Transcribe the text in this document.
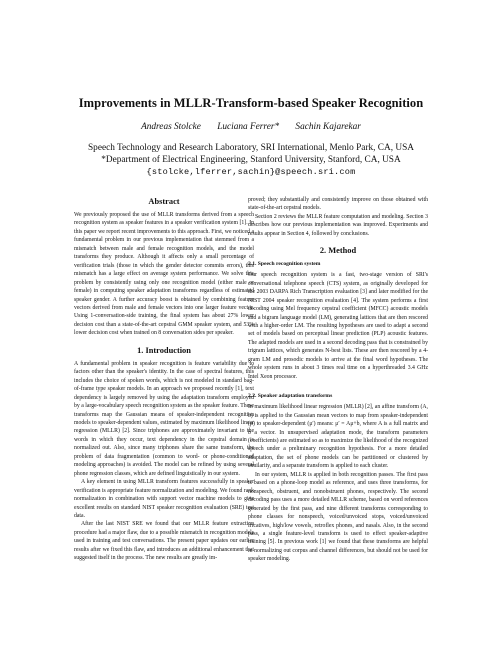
Improvements in MLLR-Transform-based Speaker Recognition
Andreas Stolcke Luciana Ferrer* Sachin Kajarekar
Speech Technology and Research Laboratory, SRI International, Menlo Park, CA, USA
*Department of Electrical Engineering, Stanford University, Stanford, CA, USA
{stolcke,lferrer,sachin}@speech.sri.com
Abstract

We previously proposed the use of MLLR transforms derived from a speech recognition system as speaker features in a speaker verification system [1]. In this paper we report recent improvements to this approach. First, we noticed a fundamental problem in our previous implementation that stemmed from a mismatch between male and female recognition models, and the model transforms they produce. Although it affects only a small percentage of verification trials (those in which the gender detector commits errors), this mismatch has a large effect on average system performance. We solve this problem by consistently using only one recognition model (either male or female) in computing speaker adaptation transforms regardless of estimated speaker gender. A further accuracy boost is obtained by combining feature vectors derived from male and female vectors into one larger feature vector. Using 1-conversation-side training, the final system has about 27% lower decision cost than a state-of-the-art cepstral GMM speaker system, and 53% lower decision cost when trained on 8 conversation sides per speaker.

1. Introduction

A fundamental problem in speaker recognition is feature variability due to factors other than the speaker's identity. In the case of spectral features, this includes the choice of spoken words, which is not modeled in standard bag-of-frame type speaker models. In an approach we proposed recently [1], text dependency is largely removed by using the adaptation transform employed by a large-vocabulary speech recognition system as the speaker feature. These transforms map the Gaussian means of speaker-independent recognition models to speaker-dependent values, estimated by maximum likelihood linear regression (MLLR) [2]. Since triphones are approximately invariant to the words in which they occur, text dependency in the cepstral domain is normalized out. Also, since many triphones share the same transform, the problem of data fragmentation (common to word- or phone-conditioned modeling approaches) is avoided. The model can be refined by using several phone regression classes, which are defined linguistically in our system.

A key element in using MLLR transform features successfully in speaker verification is appropriate feature normalization and modeling. We found rank normalization in combination with support vector machine models to give excellent results on standard NIST speaker recognition evaluation (SRE) test data.

After the last NIST SRE we found that our MLLR feature extraction procedure had a major flaw, due to a possible mismatch in recognition models used in training and test conversations. The present paper updates our earlier results after we fixed this flaw, and introduces an additional enhancement that suggested itself in the process. The new results are greatly im-

proved; they substantially and consistently improve on those obtained with state-of-the-art cepstral models.

Section 2 reviews the MLLR feature computation and modeling. Section 3 describes how our previous implementation was improved. Experiments and results appear in Section 4, followed by conclusions.

2. Method
2.1. Speech recognition system

Our speech recognition system is a fast, two-stage version of SRI's conversational telephone speech (CTS) system, as originally developed for the 2003 DARPA Rich Transcription evaluation [3] and later modified for the NIST 2004 speaker recognition evaluation [4]. The system performs a first decoding using Mel frequency cepstral coefficient (MFCC) acoustic models and a bigram language model (LM), generating lattices that are then rescored with a higher-order LM. The resulting hypotheses are used to adapt a second set of models based on perceptual linear prediction (PLP) acoustic features. The adapted models are used in a second decoding pass that is constrained by trigram lattices, which generates N-best lists. These are then rescored by a 4-gram LM and prosodic models to arrive at the final word hypotheses. The whole system runs in about 3 times real time on a hyperthreaded 3.4 GHz Intel Xeon processor.

2.2. Speaker adaptation transforms

In maximum likelihood linear regression (MLLR) [2], an affine transform (A, b) is applied to the Gaussian mean vectors to map from speaker-independent (μ) to speaker-dependent (μ′) means: μ′ = Aμ+b, where A is a full matrix and b a vector. In unsupervised adaptation mode, the transform parameters (coefficients) are estimated so as to maximize the likelihood of the recognized speech under a preliminary recognition hypothesis. For a more detailed adaptation, the set of phone models can be partitioned or clustered by similarity, and a separate transform is applied to each cluster.

In our system, MLLR is applied in both recognition passes. The first pass is based on a phone-loop model as reference, and uses three transforms, for nonspeech, obstruent, and nonobstruent phones, respectively. The second decoding pass uses a more detailed MLLR scheme, based on word references generated by the first pass, and nine different transforms corresponding to phone classes for nonspeech, voiced/unvoiced stops, voiced/unvoiced fricatives, high/low vowels, retroflex phones, and nasals. Also, in the second pass, a single feature-level transform is used to effect speaker-adaptive training [5]. In previous work [1] we found that these transforms are helpful in normalizing out corpus and channel differences, but should not be used for speaker modeling.
